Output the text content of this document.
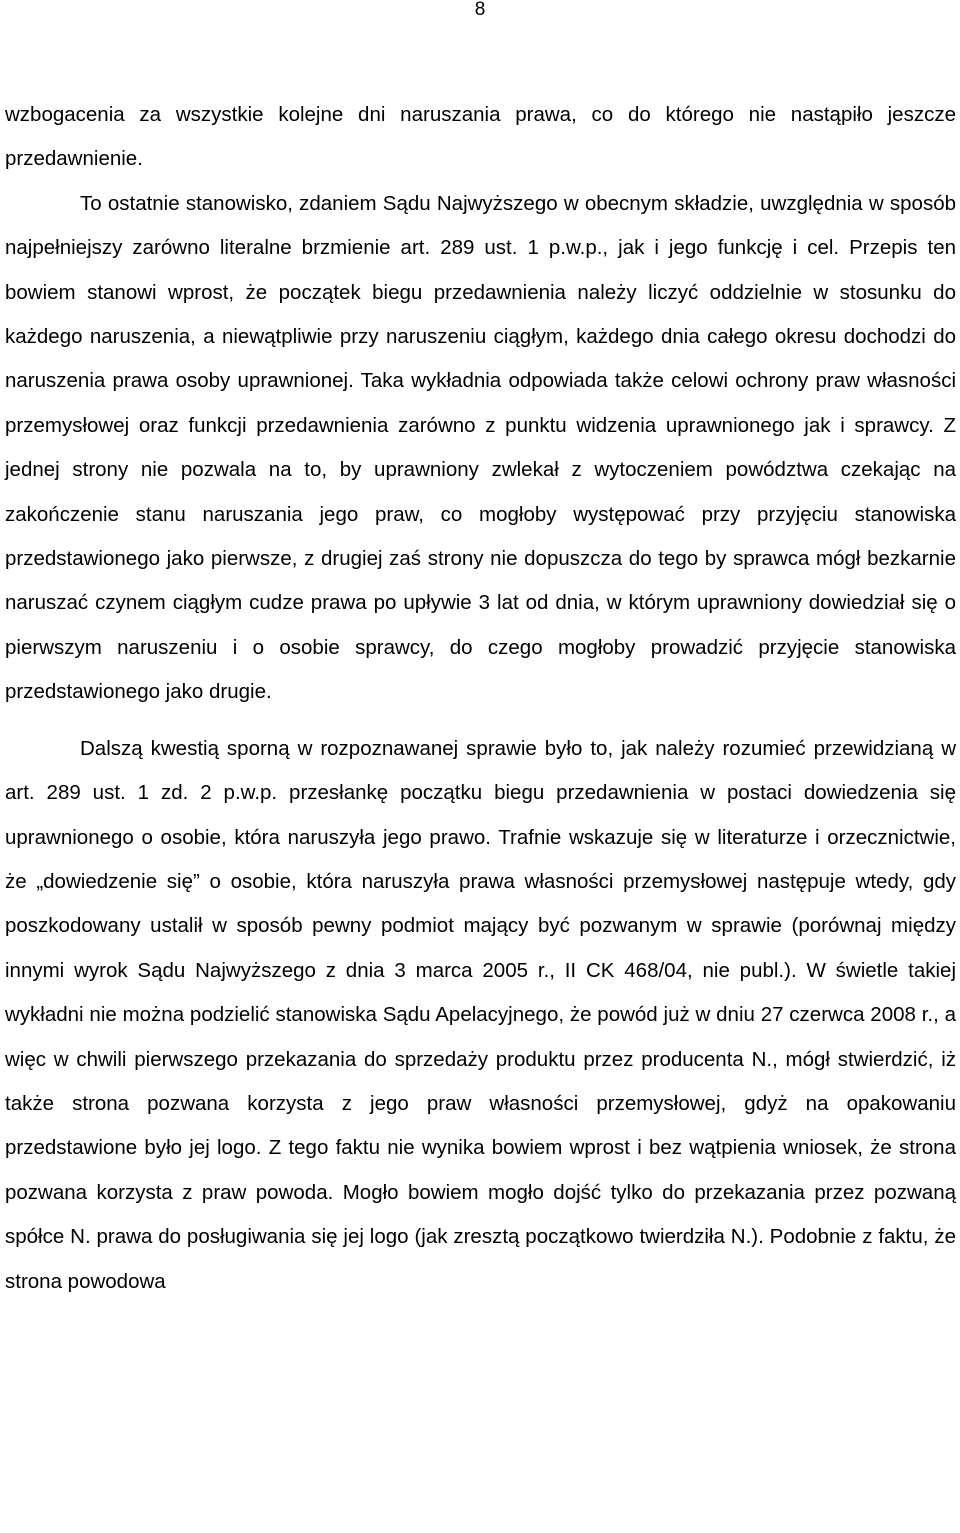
8

wzbogacenia za wszystkie kolejne dni naruszania prawa, co do którego nie nastąpiło jeszcze przedawnienie.

To ostatnie stanowisko, zdaniem Sądu Najwyższego w obecnym składzie, uwzględnia w sposób najpełniejszy zarówno literalne brzmienie art. 289 ust. 1 p.w.p., jak i jego funkcję i cel. Przepis ten bowiem stanowi wprost, że początek biegu przedawnienia należy liczyć oddzielnie w stosunku do każdego naruszenia, a niewątpliwie przy naruszeniu ciągłym, każdego dnia całego okresu dochodzi do naruszenia prawa osoby uprawnionej. Taka wykładnia odpowiada także celowi ochrony praw własności przemysłowej oraz funkcji przedawnienia zarówno z punktu widzenia uprawnionego jak i sprawcy. Z jednej strony nie pozwala na to, by uprawniony zwlekał z wytoczeniem powództwa czekając na zakończenie stanu naruszania jego praw, co mogłoby występować przy przyjęciu stanowiska przedstawionego jako pierwsze, z drugiej zaś strony nie dopuszcza do tego by sprawca mógł bezkarnie naruszać czynem ciągłym cudze prawa po upływie 3 lat od dnia, w którym uprawniony dowiedział się o pierwszym naruszeniu i o osobie sprawcy, do czego mogłoby prowadzić przyjęcie stanowiska przedstawionego jako drugie.

Dalszą kwestią sporną w rozpoznawanej sprawie było to, jak należy rozumieć przewidzianą w art. 289 ust. 1 zd. 2 p.w.p. przesłankę początku biegu przedawnienia w postaci dowiedzenia się uprawnionego o osobie, która naruszyła jego prawo. Trafnie wskazuje się w literaturze i orzecznictwie, że „dowiedzenie się” o osobie, która naruszyła prawa własności przemysłowej następuje wtedy, gdy poszkodowany ustalił w sposób pewny podmiot mający być pozwanym w sprawie (porównaj między innymi wyrok Sądu Najwyższego z dnia 3 marca 2005 r., II CK 468/04, nie publ.). W świetle takiej wykładni nie można podzielić stanowiska Sądu Apelacyjnego, że powód już w dniu 27 czerwca 2008 r., a więc w chwili pierwszego przekazania do sprzedaży produktu przez producenta N., mógł stwierdzić, iż także strona pozwana korzysta z jego praw własności przemysłowej, gdyż na opakowaniu przedstawione było jej logo. Z tego faktu nie wynika bowiem wprost i bez wątpienia wniosek, że strona pozwana korzysta z praw powoda. Mogło bowiem mogło dojść tylko do przekazania przez pozwaną spółce N. prawa do posługiwania się jej logo (jak zresztą początkowo twierdziła N.). Podobnie z faktu, że strona powodowa
